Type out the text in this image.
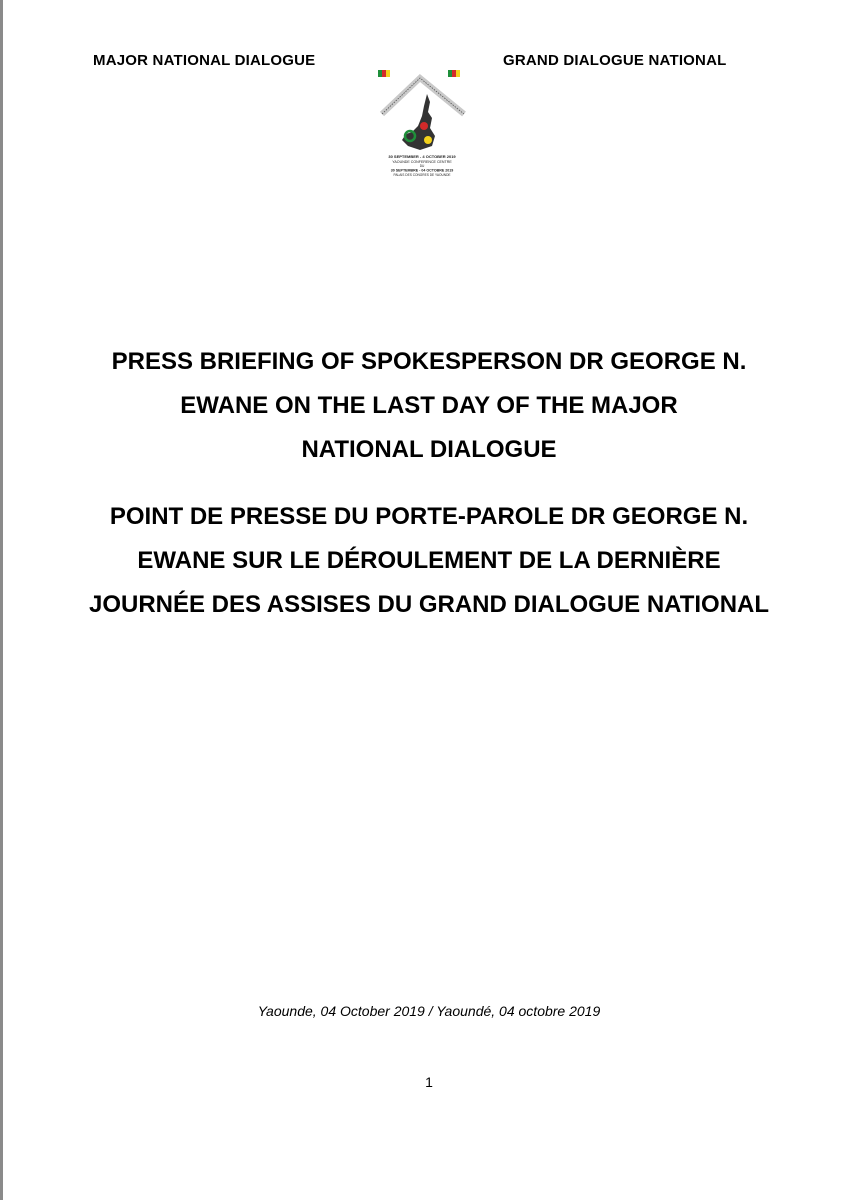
MAJOR NATIONAL DIALOGUE	GRAND DIALOGUE NATIONAL
30 SEPTEMBER - 4 OCTOBER 2019
YAOUNDE CONFERENCE CENTRE
DU
30 SEPTEMBRE - 04 OCTOBRE 2019
PALAIS DES CONGRES DE YAOUNDE
PRESS BRIEFING OF SPOKESPERSON DR GEORGE N.
EWANE ON THE LAST DAY OF THE MAJOR
NATIONAL DIALOGUE
POINT DE PRESSE DU PORTE-PAROLE DR GEORGE N.
EWANE SUR LE DÉROULEMENT DE LA DERNIÈRE
JOURNÉE DES ASSISES DU GRAND DIALOGUE NATIONAL
Yaounde, 04 October 2019 / Yaoundé, 04 octobre 2019
1
